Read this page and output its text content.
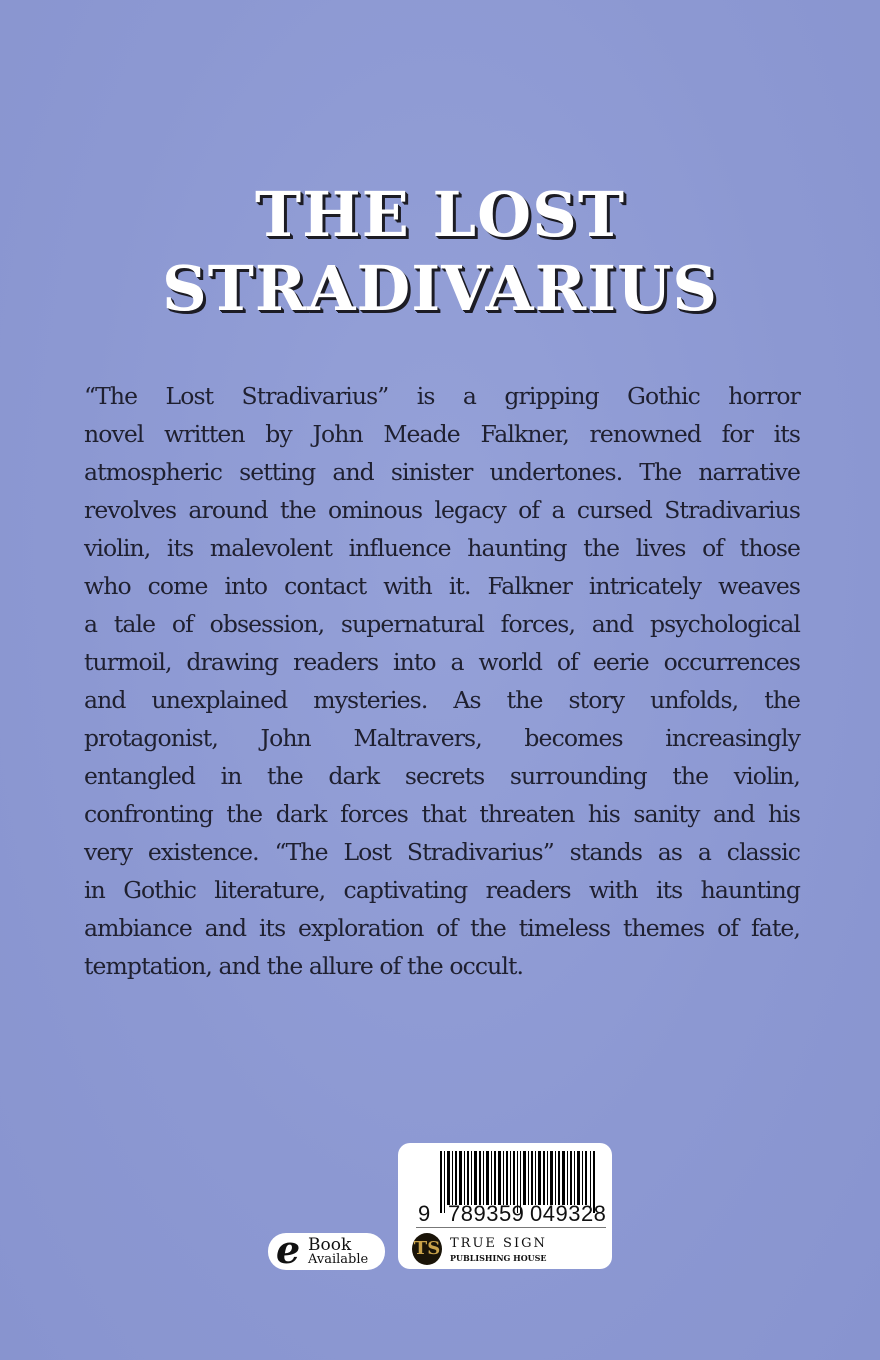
THE LOST
STRADIVARIUS
“The Lost Stradivarius” is a gripping Gothic horror
novel written by John Meade Falkner, renowned for its
atmospheric setting and sinister undertones. The narrative
revolves around the ominous legacy of a cursed Stradivarius
violin, its malevolent influence haunting the lives of those
who come into contact with it. Falkner intricately weaves
a tale of obsession, supernatural forces, and psychological
turmoil, drawing readers into a world of eerie occurrences
and unexplained mysteries. As the story unfolds, the
protagonist, John Maltravers, becomes increasingly
entangled in the dark secrets surrounding the violin,
confronting the dark forces that threaten his sanity and his
very existence. “The Lost Stradivarius” stands as a classic
in Gothic literature, captivating readers with its haunting
ambiance and its exploration of the timeless themes of fate,
temptation, and the allure of the occult.
e Book
Available
9 789359 049328
TS TRUE SIGN
PUBLISHING HOUSE
